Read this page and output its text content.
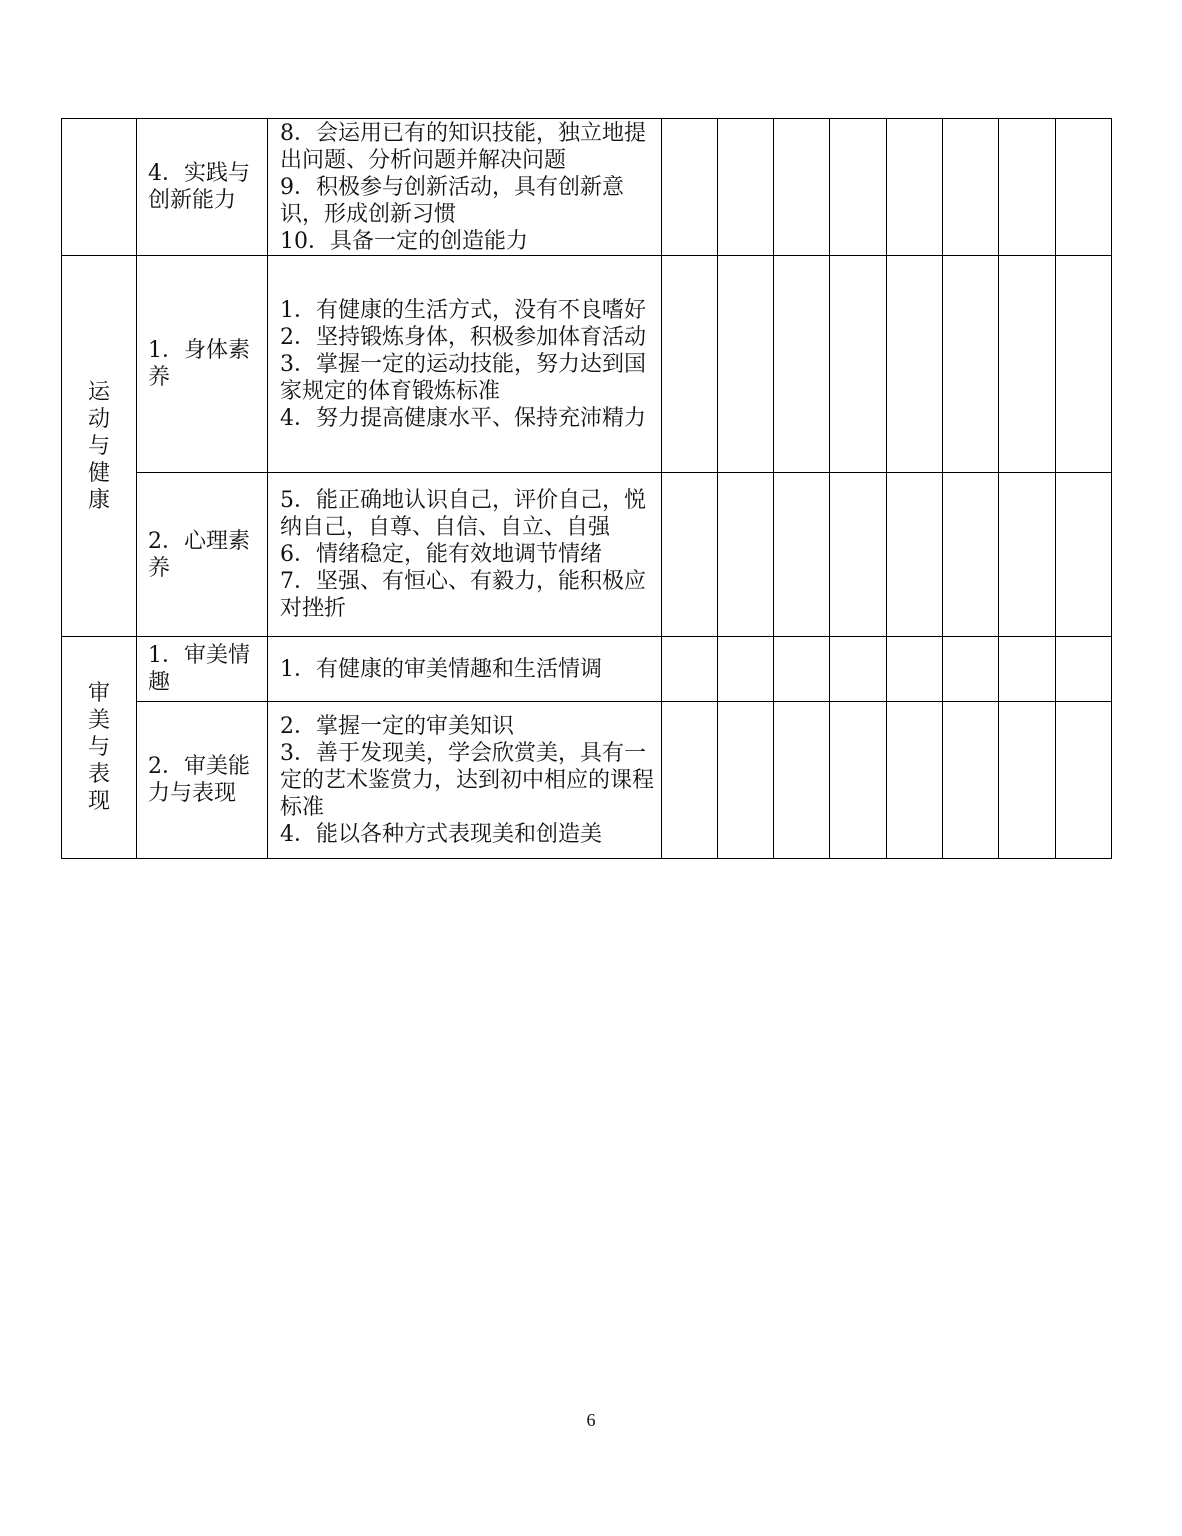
	4．实践与创新能力	8．会运用已有的知识技能，独立地提出问题、分析问题并解决问题
9．积极参与创新活动，具有创新意识，形成创新习惯
10．具备一定的创造能力								

运动与健康	1．身体素养	1．有健康的生活方式，没有不良嗜好
2．坚持锻炼身体，积极参加体育活动
3．掌握一定的运动技能，努力达到国家规定的体育锻炼标准
4．努力提高健康水平、保持充沛精力								

	2．心理素养	5．能正确地认识自己，评价自己，悦纳自己，自尊、自信、自立、自强
6．情绪稳定，能有效地调节情绪
7．坚强、有恒心、有毅力，能积极应对挫折								

审美与表现	1．审美情趣	1．有健康的审美情趣和生活情调								

	2．审美能力与表现	2．掌握一定的审美知识
3．善于发现美，学会欣赏美，具有一定的艺术鉴赏力，达到初中相应的课程标准
4．能以各种方式表现美和创造美								

6
